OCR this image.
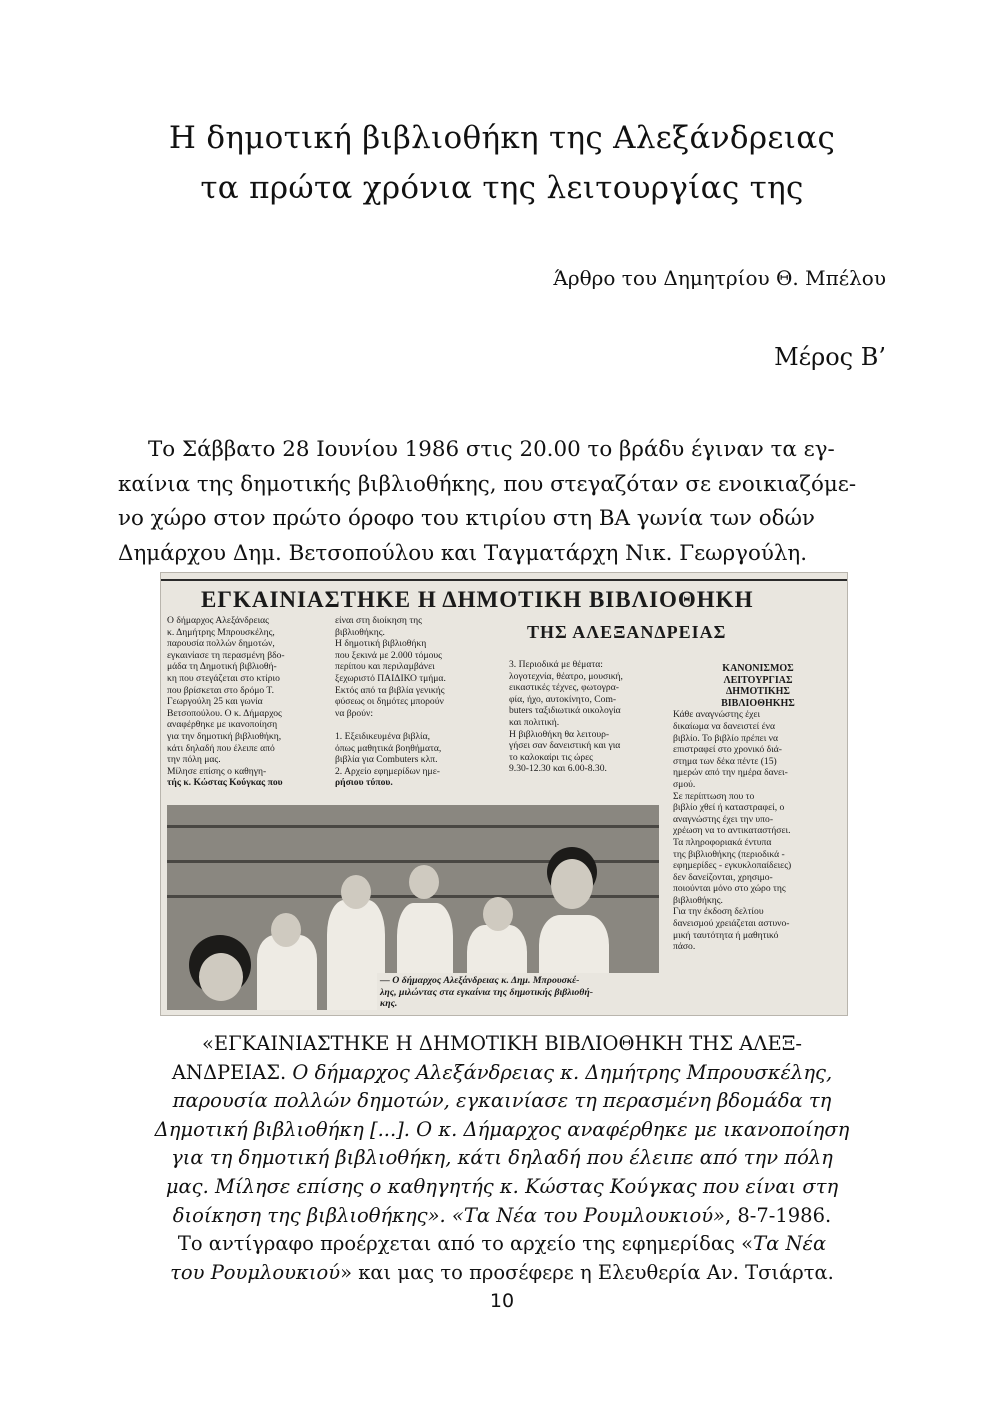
Η δημοτική βιβλιοθήκη της Αλεξάνδρειας
τα πρώτα χρόνια της λειτουργίας της
Άρθρο του Δημητρίου Θ. Μπέλου
Μέρος Β’
Το Σάββατο 28 Ιουνίου 1986 στις 20.00 το βράδυ έγιναν τα εγ-
καίνια της δημοτικής βιβλιοθήκης, που στεγαζόταν σε ενοικιαζόμε-
νο χώρο στον πρώτο όροφο του κτιρίου στη ΒΑ γωνία των οδών
Δημάρχου Δημ. Βετσοπούλου και Ταγματάρχη Νικ. Γεωργούλη.
ΕΓΚΑΙΝΙΑΣΤΗΚΕ Η ΔΗΜΟΤΙΚΗ ΒΙΒΛΙΟΘΗΚΗ
ΤΗΣ ΑΛΕΞΑΝΔΡΕΙΑΣ
Ο δήμαρχος Αλεξάνδρειας
κ. Δημήτρης Μπρουσκέλης,
παρουσία πολλών δημοτών,
εγκαινίασε τη περασμένη βδο-
μάδα τη Δημοτική βιβλιοθή-
κη που στεγάζεται στο κτίριο
που βρίσκεται στο δρόμο Τ.
Γεωργούλη 25 και γωνία
Βετσοπούλου. Ο κ. Δήμαρχος
αναφέρθηκε με ικανοποίηση
για την δημοτική βιβλιοθήκη,
κάτι δηλαδή που έλειπε από
την πόλη μας.
Μίλησε επίσης ο καθηγη-
τής κ. Κώστας Κούγκας που
είναι στη διοίκηση της
βιβλιοθήκης.
Η δημοτική βιβλιοθήκη
που ξεκινά με 2.000 τόμους
περίπου και περιλαμβάνει
ξεχωριστό ΠΑΙΔΙΚΟ τμήμα.
Εκτός από τα βιβλία γενικής
φύσεως οι δημότες μπορούν
να βρούν:

1. Εξειδικευμένα βιβλία,
όπως μαθητικά βοηθήματα,
βιβλία για Combuters κλπ.
2. Αρχείο εφημερίδων ημε-
ρήσιου τύπου.
3. Περιοδικά με θέματα:
λογοτεχνία, θέατρο, μουσική,
εικαστικές τέχνες, φωτογρα-
φία, ήχο, αυτοκίνητο, Com-
buters ταξιδιωτικά οικολογία
και πολιτική.
Η βιβλιοθήκη θα λειτουρ-
γήσει σαν δανειστική και για
το καλοκαίρι τις ώρες
9.30-12.30 και 6.00-8.30.
ΚΑΝΟΝΙΣΜΟΣ
ΛΕΙΤΟΥΡΓΙΑΣ
ΔΗΜΟΤΙΚΗΣ
ΒΙΒΛΙΟΘΗΚΗΣ
Κάθε αναγνώστης έχει
δικαίωμα να δανειστεί ένα
βιβλίο. Το βιβλίο πρέπει να
επιστραφεί στο χρονικό διά-
στημα των δέκα πέντε (15)
ημερών από την ημέρα δανει-
σμού.
Σε περίπτωση που το
βιβλίο χθεί ή καταστραφεί, ο
αναγνώστης έχει την υπο-
χρέωση να το αντικαταστήσει.
Τα πληροφοριακά έντυπα
της βιβλιοθήκης (περιοδικά -
εφημερίδες - εγκυκλοπαίδειες)
δεν δανείζονται, χρησιμο-
ποιούνται μόνο στο χώρο της
βιβλιοθήκης.
Για την έκδοση δελτίου
δανεισμού χρειάζεται αστυνο-
μική ταυτότητα ή μαθητικό
πάσο.
— Ο δήμαρχος Αλεξάνδρειας κ. Δημ. Μπρουσκέ-
λης, μιλώντας στα εγκαίνια της δημοτικής βιβλιοθή-
κης.
«ΕΓΚΑΙΝΙΑΣΤΗΚΕ Η ΔΗΜΟΤΙΚΗ ΒΙΒΛΙΟΘΗΚΗ ΤΗΣ ΑΛΕΞ-
ΑΝΔΡΕΙΑΣ. Ο δήμαρχος Αλεξάνδρειας κ. Δημήτρης Μπρουσκέλης,
παρουσία πολλών δημοτών, εγκαινίασε τη περασμένη βδομάδα τη
Δημοτική βιβλιοθήκη [...]. Ο κ. Δήμαρχος αναφέρθηκε με ικανοποίηση
για τη δημοτική βιβλιοθήκη, κάτι δηλαδή που έλειπε από την πόλη
μας. Μίλησε επίσης ο καθηγητής κ. Κώστας Κούγκας που είναι στη
διοίκηση της βιβλιοθήκης». «Τα Νέα του Ρουμλουκιού», 8-7-1986.
Το αντίγραφο προέρχεται από το αρχείο της εφημερίδας «Τα Νέα
του Ρουμλουκιού» και μας το προσέφερε η Ελευθερία Αν. Τσιάρτα.
10
